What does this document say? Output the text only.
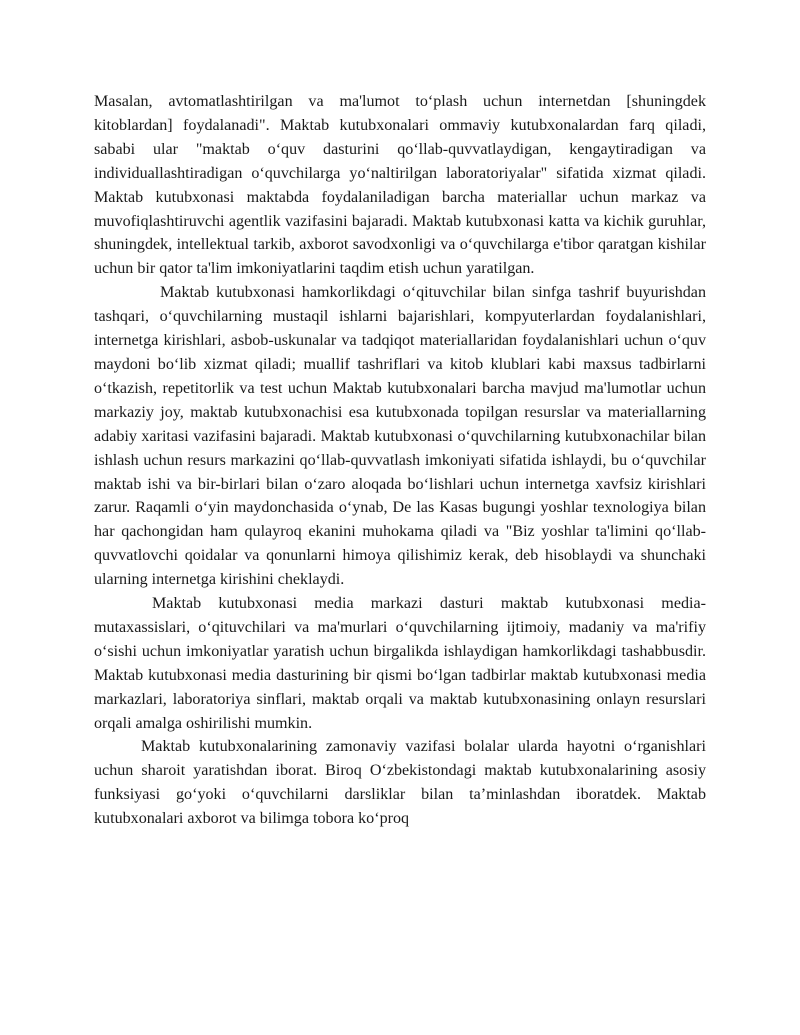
Masalan, avtomatlashtirilgan va ma'lumot to‘plash uchun internetdan [shuningdek kitoblardan] foydalanadi". Maktab kutubxonalari ommaviy kutubxonalardan farq qiladi, sababi ular "maktab o‘quv dasturini qo‘llab-quvvatlaydigan, kengaytiradigan va individuallashtiradigan o‘quvchilarga yo‘naltirilgan laboratoriyalar" sifatida xizmat qiladi. Maktab kutubxonasi maktabda foydalaniladigan barcha materiallar uchun markaz va muvofiqlashtiruvchi agentlik vazifasini bajaradi. Maktab kutubxonasi katta va kichik guruhlar, shuningdek, intellektual tarkib, axborot savodxonligi va o‘quvchilarga e'tibor qaratgan kishilar uchun bir qator ta'lim imkoniyatlarini taqdim etish uchun yaratilgan.

Maktab kutubxonasi hamkorlikdagi o‘qituvchilar bilan sinfga tashrif buyurishdan tashqari, o‘quvchilarning mustaqil ishlarni bajarishlari, kompyuterlardan foydalanishlari, internetga kirishlari, asbob-uskunalar va tadqiqot materiallaridan foydalanishlari uchun o‘quv maydoni bo‘lib xizmat qiladi; muallif tashriflari va kitob klublari kabi maxsus tadbirlarni o‘tkazish, repetitorlik va test uchun Maktab kutubxonalari barcha mavjud ma'lumotlar uchun markaziy joy, maktab kutubxonachisi esa kutubxonada topilgan resurslar va materiallarning adabiy xaritasi vazifasini bajaradi. Maktab kutubxonasi o‘quvchilarning kutubxonachilar bilan ishlash uchun resurs markazini qo‘llab-quvvatlash imkoniyati sifatida ishlaydi, bu o‘quvchilar maktab ishi va bir-birlari bilan o‘zaro aloqada bo‘lishlari uchun internetga xavfsiz kirishlari zarur. Raqamli o‘yin maydonchasida o‘ynab, De las Kasas bugungi yoshlar texnologiya bilan har qachongidan ham qulayroq ekanini muhokama qiladi va "Biz yoshlar ta'limini qo‘llab-quvvatlovchi qoidalar va qonunlarni himoya qilishimiz kerak, deb hisoblaydi va shunchaki ularning internetga kirishini cheklaydi.

Maktab kutubxonasi media markazi dasturi maktab kutubxonasi media-mutaxassislari, o‘qituvchilari va ma'murlari o‘quvchilarning ijtimoiy, madaniy va ma'rifiy o‘sishi uchun imkoniyatlar yaratish uchun birgalikda ishlaydigan hamkorlikdagi tashabbusdir. Maktab kutubxonasi media dasturining bir qismi bo‘lgan tadbirlar maktab kutubxonasi media markazlari, laboratoriya sinflari, maktab orqali va maktab kutubxonasining onlayn resurslari orqali amalga oshirilishi mumkin.

Maktab kutubxonalarining zamonaviy vazifasi bolalar ularda hayotni o‘rganishlari uchun sharoit yaratishdan iborat. Biroq O‘zbekistondagi maktab kutubxonalarining asosiy funksiyasi go‘yoki o‘quvchilarni darsliklar bilan ta’minlashdan iboratdek. Maktab kutubxonalari axborot va bilimga tobora ko‘proq
